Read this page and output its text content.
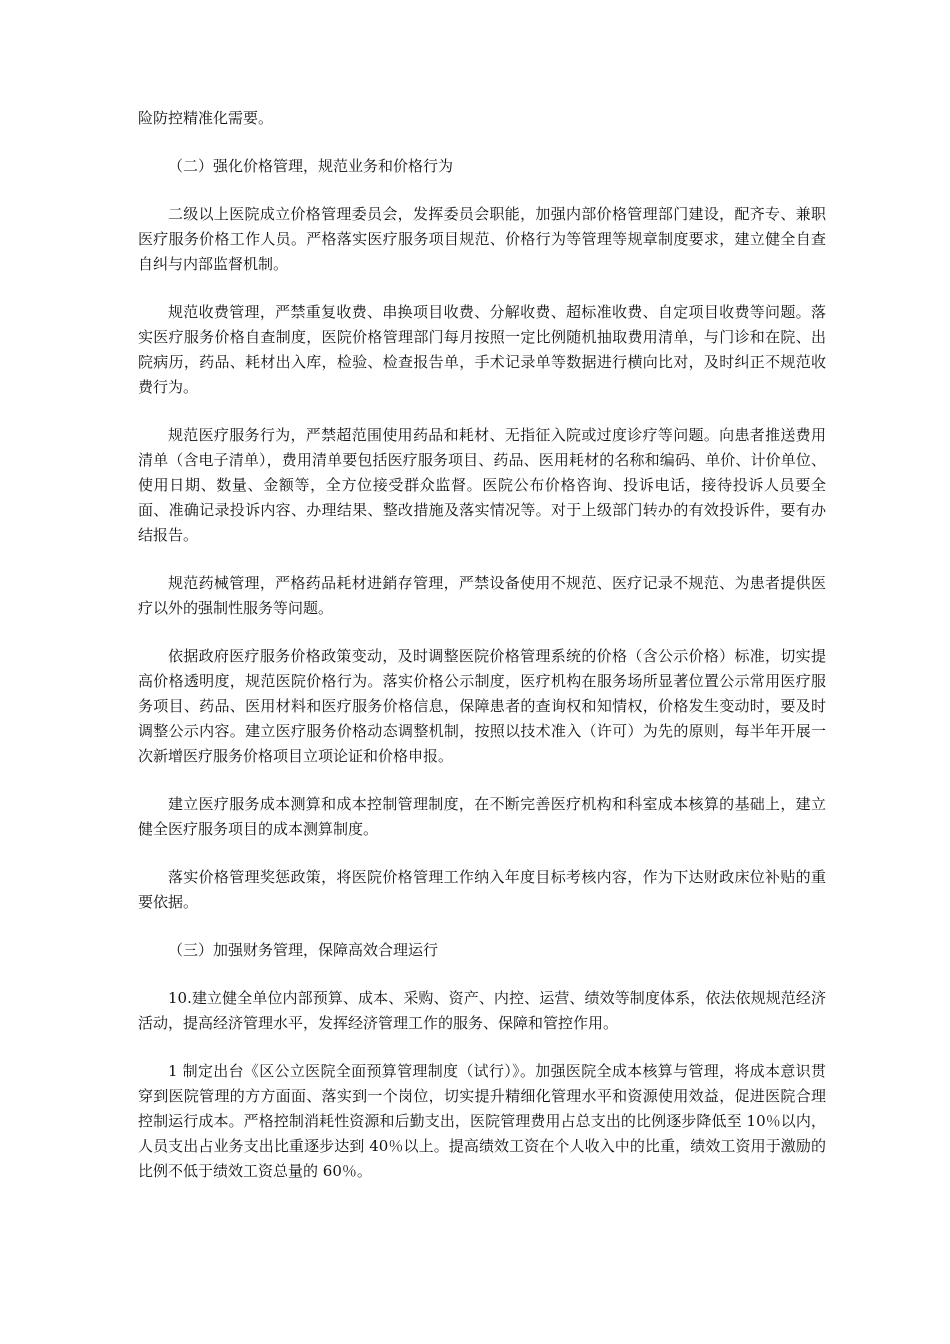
险防控精准化需要。

（二）强化价格管理，规范业务和价格行为

二级以上医院成立价格管理委员会，发挥委员会职能，加强内部价格管理部门建设，配齐专、兼职医疗服务价格工作人员。严格落实医疗服务项目规范、价格行为等管理等规章制度要求，建立健全自查自纠与内部监督机制。

规范收费管理，严禁重复收费、串换项目收费、分解收费、超标准收费、自定项目收费等问题。落实医疗服务价格自查制度，医院价格管理部门每月按照一定比例随机抽取费用清单，与门诊和在院、出院病历，药品、耗材出入库，检验、检查报告单，手术记录单等数据进行横向比对，及时纠正不规范收费行为。

规范医疗服务行为，严禁超范围使用药品和耗材、无指征入院或过度诊疗等问题。向患者推送费用清单（含电子清单），费用清单要包括医疗服务项目、药品、医用耗材的名称和编码、单价、计价单位、使用日期、数量、金额等，全方位接受群众监督。医院公布价格咨询、投诉电话，接待投诉人员要全面、准确记录投诉内容、办理结果、整改措施及落实情况等。对于上级部门转办的有效投诉件，要有办结报告。

规范药械管理，严格药品耗材进銷存管理，严禁设备使用不规范、医疗记录不规范、为患者提供医疗以外的强制性服务等问题。

依据政府医疗服务价格政策变动，及时调整医院价格管理系统的价格（含公示价格）标准，切实提高价格透明度，规范医院价格行为。落实价格公示制度，医疗机构在服务场所显著位置公示常用医疗服务项目、药品、医用材料和医疗服务价格信息，保障患者的查询权和知情权，价格发生变动时，要及时调整公示内容。建立医疗服务价格动态调整机制，按照以技术准入（许可）为先的原则，每半年开展一次新增医疗服务价格项目立项论证和价格申报。

建立医疗服务成本测算和成本控制管理制度，在不断完善医疗机构和科室成本核算的基础上，建立健全医疗服务项目的成本测算制度。

落实价格管理奖惩政策，将医院价格管理工作纳入年度目标考核内容，作为下达财政床位补贴的重要依据。

（三）加强财务管理，保障高效合理运行

10.建立健全单位内部预算、成本、采购、资产、内控、运营、绩效等制度体系，依法依规规范经济活动，提高经济管理水平，发挥经济管理工作的服务、保障和管控作用。

1 制定出台《区公立医院全面预算管理制度（试行）》。加强医院全成本核算与管理，将成本意识贯穿到医院管理的方方面面、落实到一个岗位，切实提升精细化管理水平和资源使用效益，促进医院合理控制运行成本。严格控制消耗性资源和后勤支出，医院管理费用占总支出的比例逐步降低至 10％以内，人员支出占业务支出比重逐步达到 40％以上。提高绩效工资在个人收入中的比重，绩效工资用于激励的比例不低于绩效工资总量的 60％。
